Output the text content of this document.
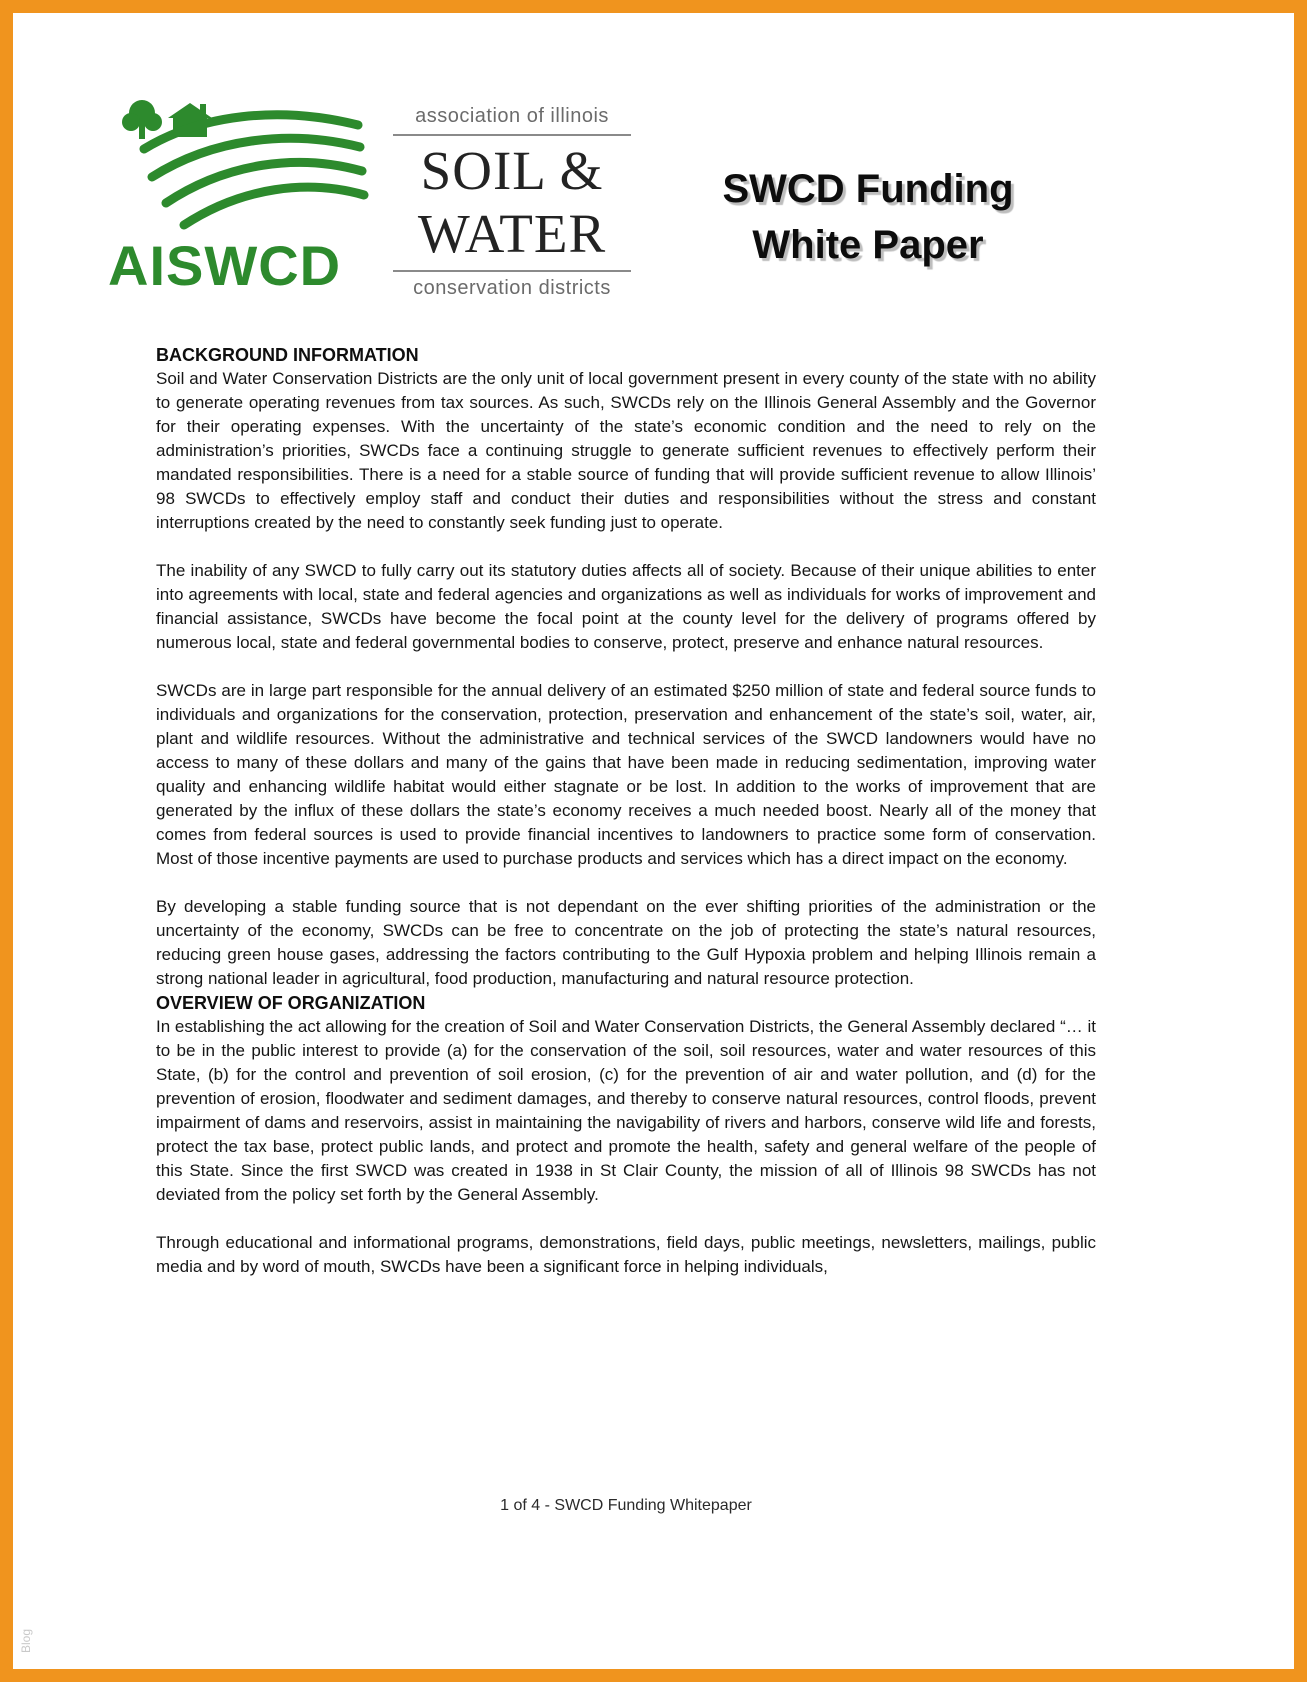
AISWCD
association of illinois
SOIL &
WATER
conservation districts
SWCD Funding
White Paper
BACKGROUND INFORMATION

Soil and Water Conservation Districts are the only unit of local government present in every county of the state with no ability to generate operating revenues from tax sources. As such, SWCDs rely on the Illinois General Assembly and the Governor for their operating expenses. With the uncertainty of the state’s economic condition and the need to rely on the administration’s priorities, SWCDs face a continuing struggle to generate sufficient revenues to effectively perform their mandated responsibilities. There is a need for a stable source of funding that will provide sufficient revenue to allow Illinois’ 98 SWCDs to effectively employ staff and conduct their duties and responsibilities without the stress and constant interruptions created by the need to constantly seek funding just to operate.

The inability of any SWCD to fully carry out its statutory duties affects all of society. Because of their unique abilities to enter into agreements with local, state and federal agencies and organizations as well as individuals for works of improvement and financial assistance, SWCDs have become the focal point at the county level for the delivery of programs offered by numerous local, state and federal governmental bodies to conserve, protect, preserve and enhance natural resources.

SWCDs are in large part responsible for the annual delivery of an estimated $250 million of state and federal source funds to individuals and organizations for the conservation, protection, preservation and enhancement of the state’s soil, water, air, plant and wildlife resources. Without the administrative and technical services of the SWCD landowners would have no access to many of these dollars and many of the gains that have been made in reducing sedimentation, improving water quality and enhancing wildlife habitat would either stagnate or be lost. In addition to the works of improvement that are generated by the influx of these dollars the state’s economy receives a much needed boost. Nearly all of the money that comes from federal sources is used to provide financial incentives to landowners to practice some form of conservation. Most of those incentive payments are used to purchase products and services which has a direct impact on the economy.

By developing a stable funding source that is not dependant on the ever shifting priorities of the administration or the uncertainty of the economy, SWCDs can be free to concentrate on the job of protecting the state’s natural resources, reducing green house gases, addressing the factors contributing to the Gulf Hypoxia problem and helping Illinois remain a strong national leader in agricultural, food production, manufacturing and natural resource protection.

OVERVIEW OF ORGANIZATION

In establishing the act allowing for the creation of Soil and Water Conservation Districts, the General Assembly declared “… it to be in the public interest to provide (a) for the conservation of the soil, soil resources, water and water resources of this State, (b) for the control and prevention of soil erosion, (c) for the prevention of air and water pollution, and (d) for the prevention of erosion, floodwater and sediment damages, and thereby to conserve natural resources, control floods, prevent impairment of dams and reservoirs, assist in maintaining the navigability of rivers and harbors, conserve wild life and forests, protect the tax base, protect public lands, and protect and promote the health, safety and general welfare of the people of this State. Since the first SWCD was created in 1938 in St Clair County, the mission of all of Illinois 98 SWCDs has not deviated from the policy set forth by the General Assembly.

Through educational and informational programs, demonstrations, field days, public meetings, newsletters, mailings, public media and by word of mouth, SWCDs have been a significant force in helping individuals,

1 of 4 - SWCD Funding Whitepaper
Blog
